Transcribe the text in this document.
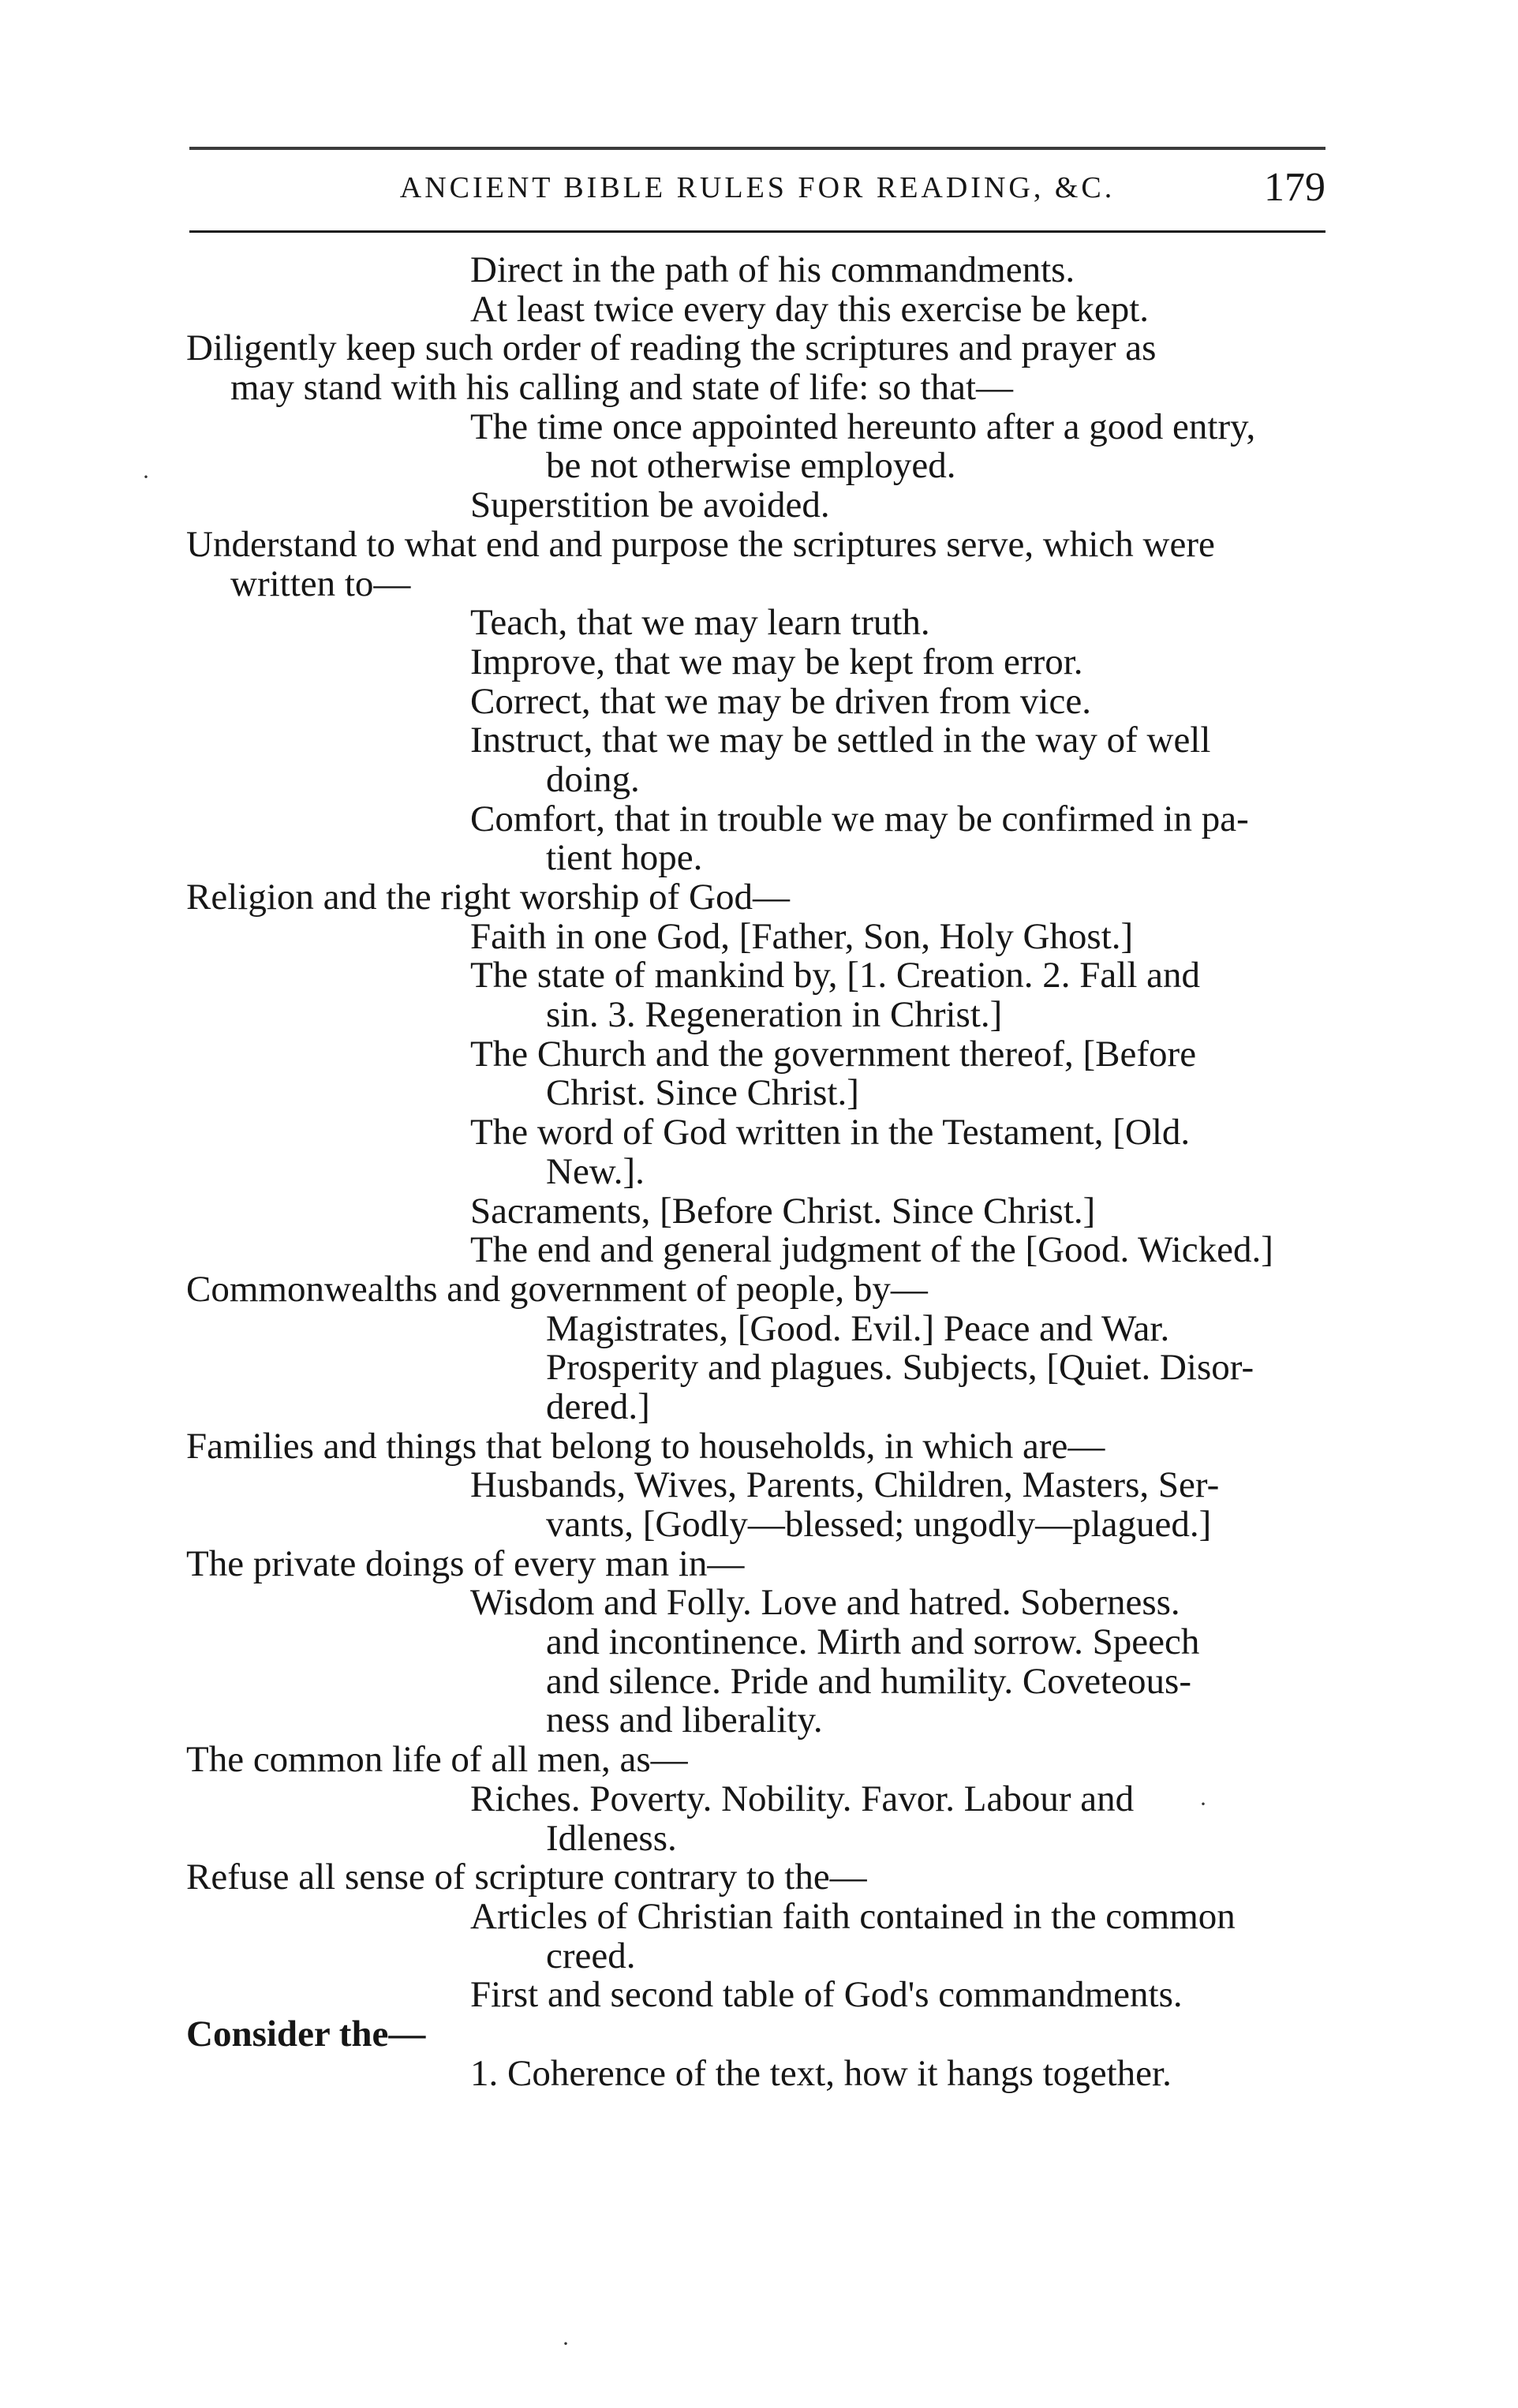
ANCIENT BIBLE RULES FOR READING, &C.	179
Direct in the path of his commandments.
At least twice every day this exercise be kept.
Diligently keep such order of reading the scriptures and prayer as
may stand with his calling and state of life: so that—
The time once appointed hereunto after a good entry,
be not otherwise employed.
Superstition be avoided.
Understand to what end and purpose the scriptures serve, which were
written to—
Teach, that we may learn truth.
Improve, that we may be kept from error.
Correct, that we may be driven from vice.
Instruct, that we may be settled in the way of well
doing.
Comfort, that in trouble we may be confirmed in pa-
tient hope.
Religion and the right worship of God—
Faith in one God, [Father, Son, Holy Ghost.]
The state of mankind by, [1. Creation. 2. Fall and
sin. 3. Regeneration in Christ.]
The Church and the government thereof, [Before
Christ. Since Christ.]
The word of God written in the Testament, [Old.
New.].
Sacraments, [Before Christ. Since Christ.]
The end and general judgment of the [Good. Wicked.]
Commonwealths and government of people, by—
Magistrates, [Good. Evil.] Peace and War.
Prosperity and plagues. Subjects, [Quiet. Disor-
dered.]
Families and things that belong to households, in which are—
Husbands, Wives, Parents, Children, Masters, Ser-
vants, [Godly—blessed; ungodly—plagued.]
The private doings of every man in—
Wisdom and Folly. Love and hatred. Soberness.
and incontinence. Mirth and sorrow. Speech
and silence. Pride and humility. Coveteous-
ness and liberality.
The common life of all men, as—
Riches. Poverty. Nobility. Favor. Labour and
Idleness.
Refuse all sense of scripture contrary to the—
Articles of Christian faith contained in the common
creed.
First and second table of God's commandments.
Consider the—
1. Coherence of the text, how it hangs together.
·
·
·
